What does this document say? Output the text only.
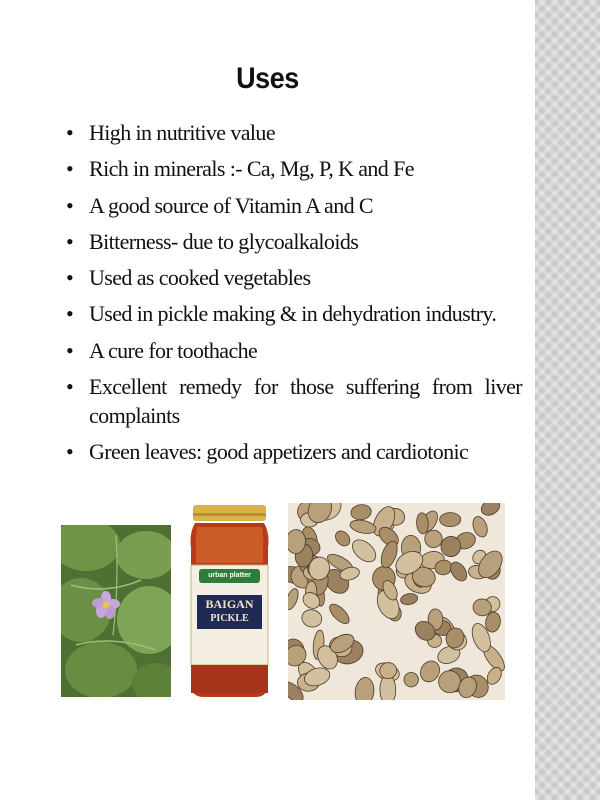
Uses
• High in nutritive value
• Rich in minerals :- Ca, Mg, P, K and Fe
• A good source of Vitamin A and C
• Bitterness- due to glycoalkaloids
• Used as cooked vegetables
• Used in pickle making & in dehydration industry.
• A cure for toothache
• Excellent remedy for those suffering from liver complaints
• Green leaves: good appetizers and cardiotonic
urban platter
BAIGAN
PICKLE
